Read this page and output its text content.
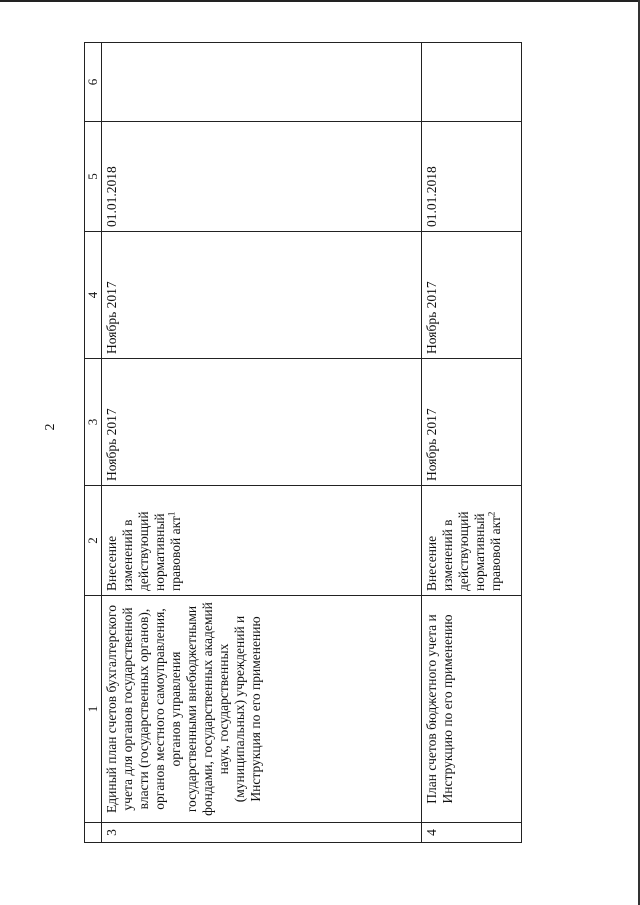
2
	1	2	3	4	5	6
3	Единый план счетов бухгалтерского учета для органов государственной власти (государственных органов), органов местного самоуправления, органов управления государственными внебюджетными фондами, государственных академий наук, государственных (муниципальных) учреждений и Инструкция по его применению	Внесение изменений в действующий нормативный правовой акт$^1$	Ноябрь 2017	Ноябрь 2017	01.01.2018	
4	План счетов бюджетного учета и Инструкцию по его применению	Внесение изменений в действующий нормативный правовой акт$^2$	Ноябрь 2017	Ноябрь 2017	01.01.2018	
